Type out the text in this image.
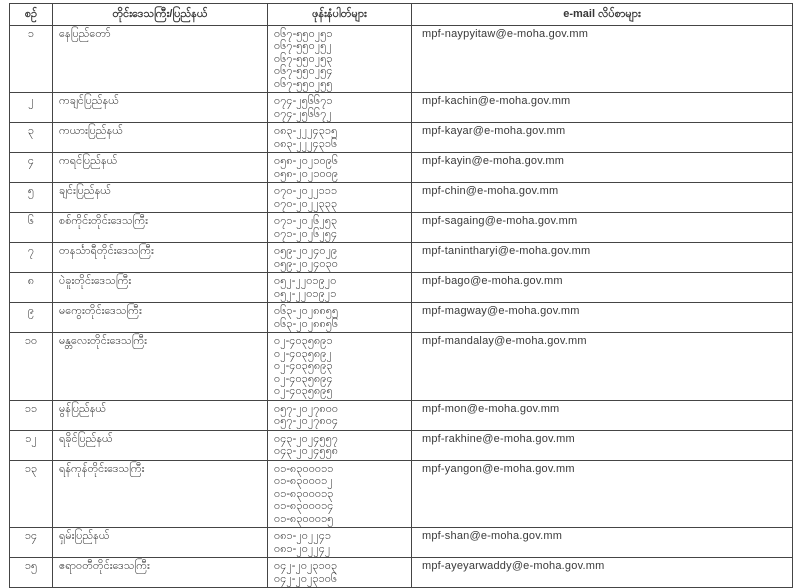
စဉ်	တိုင်းဒေသကြီး/ပြည်နယ်	ဖုန်းနံပါတ်များ	e-mail လိပ်စာများ
၁	နေပြည်တော်	၀၆၇-၅၅၀၂၅၁
၀၆၇-၅၅၀၂၅၂
၀၆၇-၅၅၀၂၅၃
၀၆၇-၅၅၀၂၅၄
၀၆၇-၅၅၀၂၅၅	mpf-naypyitaw@e-moha.gov.mm
၂	ကချင်ပြည်နယ်	၀၇၄-၂၅၆၆၇၁
၀၇၄-၂၅၆၆၇၂	mpf-kachin@e-moha.gov.mm
၃	ကယားပြည်နယ်	၀၈၃-၂၂၂၄၃၁၅
၀၈၃-၂၂၂၄၃၁၆	mpf-kayar@e-moha.gov.mm
၄	ကရင်ပြည်နယ်	၀၅၈-၂၀၂၁၀၉၆
၀၅၈-၂၀၂၁၀၀၉	mpf-kayin@e-moha.gov.mm
၅	ချင်းပြည်နယ်	၀၇၀-၂၀၂၂၁၁၁
၀၇၀-၂၀၂၂၃၃၃	mpf-chin@e-moha.gov.mm
၆	စစ်ကိုင်းတိုင်းဒေသကြီး	၀၇၁-၂၀၂၆၂၅၃
၀၇၁-၂၀၂၆၂၅၄	mpf-sagaing@e-moha.gov.mm
၇	တနင်္သာရီတိုင်းဒေသကြီး	၀၅၉-၂၀၂၄၀၂၉
၀၅၉-၂၀၂၄၀၃၀	mpf-tanintharyi@e-moha.gov.mm
၈	ပဲခူးတိုင်းဒေသကြီး	၀၅၂-၂၂၀၁၉၂၀
၀၅၂-၂၂၀၁၉၂၁	mpf-bago@e-moha.gov.mm
၉	မကွေးတိုင်းဒေသကြီး	၀၆၃-၂၀၂၈၈၅၅
၀၆၃-၂၀၂၈၈၅၆	mpf-magway@e-moha.gov.mm
၁၀	မန္တလေးတိုင်းဒေသကြီး	၀၂-၄၀၃၅၈၉၁
၀၂-၄၀၃၅၈၉၂
၀၂-၄၀၃၅၈၉၃
၀၂-၄၀၃၅၈၉၄
၀၂-၄၀၃၅၈၉၅	mpf-mandalay@e-moha.gov.mm
၁၁	မွန်ပြည်နယ်	၀၅၇-၂၀၂၇၈၀၀
၀၅၇-၂၀၂၇၈၀၄	mpf-mon@e-moha.gov.mm
၁၂	ရခိုင်ပြည်နယ်	၀၄၃-၂၀၂၄၅၅၇
၀၄၃-၂၀၂၄၅၅၈	mpf-rakhine@e-moha.gov.mm
၁၃	ရန်ကုန်တိုင်းဒေသကြီး	၀၁-၈၃၀၀၀၁၁
၀၁-၈၃၀၀၀၁၂
၀၁-၈၃၀၀၀၁၃
၀၁-၈၃၀၀၀၁၄
၀၁-၈၃၀၀၀၁၅	mpf-yangon@e-moha.gov.mm
၁၄	ရှမ်းပြည်နယ်	၀၈၁-၂၀၂၂၄၁
၀၈၁-၂၀၂၂၄၂	mpf-shan@e-moha.gov.mm
၁၅	ဧရာဝတီတိုင်းဒေသကြီး	၀၄၂-၂၀၂၃၁၀၃
၀၄၂-၂၀၂၃၁၀၆	mpf-ayeyarwaddy@e-moha.gov.mm
